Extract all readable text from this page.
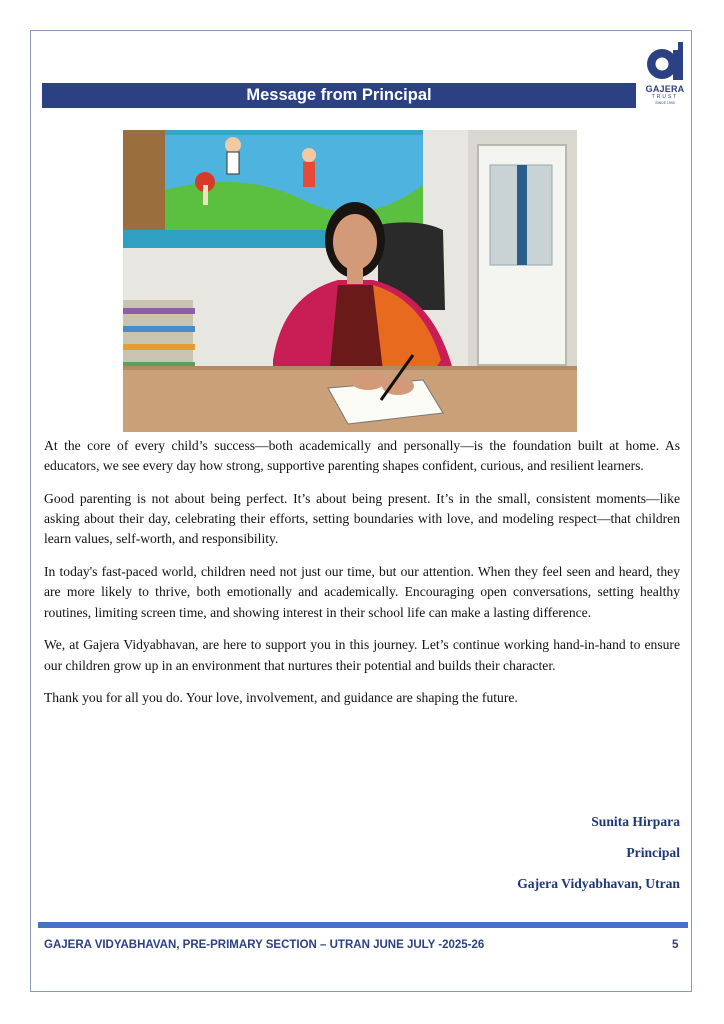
GAJERA
TRUST
SINCE 1993
Message from Principal

At the core of every child’s success—both academically and personally—is the foundation built at home. As educators, we see every day how strong, supportive parenting shapes confident, curious, and resilient learners.

Good parenting is not about being perfect. It’s about being present. It’s in the small, consistent moments—like asking about their day, celebrating their efforts, setting boundaries with love, and modeling respect—that children learn values, self-worth, and responsibility.

In today's fast-paced world, children need not just our time, but our attention. When they feel seen and heard, they are more likely to thrive, both emotionally and academically. Encouraging open conversations, setting healthy routines, limiting screen time, and showing interest in their school life can make a lasting difference.

We, at Gajera Vidyabhavan, are here to support you in this journey. Let’s continue working hand-in-hand to ensure our children grow up in an environment that nurtures their potential and builds their character.

Thank you for all you do. Your love, involvement, and guidance are shaping the future.

Sunita Hirpara
Principal
Gajera Vidyabhavan, Utran
GAJERA VIDYABHAVAN, PRE-PRIMARY SECTION – UTRAN JUNE JULY -2025-26	5
